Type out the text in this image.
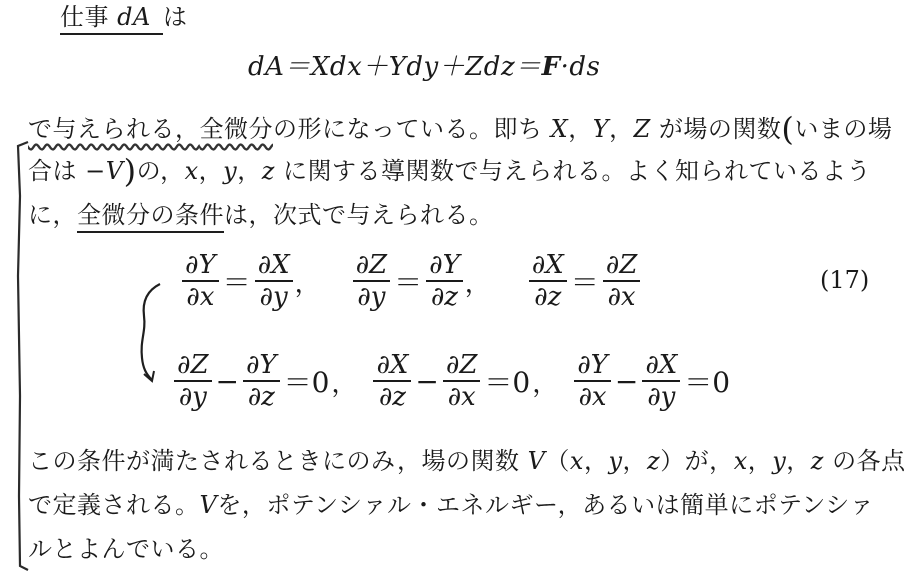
仕事 dA は
dA＝Xdx＋Ydy＋Zdz＝F·ds
で与えられる，全微分の形になっている。即ち X，Y，Z が場の関数(いまの場
合は −V)の，x，y，z に関する導関数で与えられる。よく知られているよう
に，全微分の条件は，次式で与えられる。
$\frac{\partial Y}{\partial x} = \frac{\partial X}{\partial y}$ ， $\frac{\partial Z}{\partial y} = \frac{\partial Y}{\partial z}$ ， $\frac{\partial X}{\partial z} = \frac{\partial Z}{\partial x}$	(17)
$\frac{\partial Z}{\partial y} - \frac{\partial Y}{\partial z} =0$， $\frac{\partial X}{\partial z} - \frac{\partial Z}{\partial x} =0$， $\frac{\partial Y}{\partial x} - \frac{\partial X}{\partial y} =0$
この条件が満たされるときにのみ，場の関数 V（x，y，z）が，x，y，z の各点
で定義される。Vを，ポテンシァル・エネルギー，あるいは簡単にポテンシァ
ルとよんでいる。
